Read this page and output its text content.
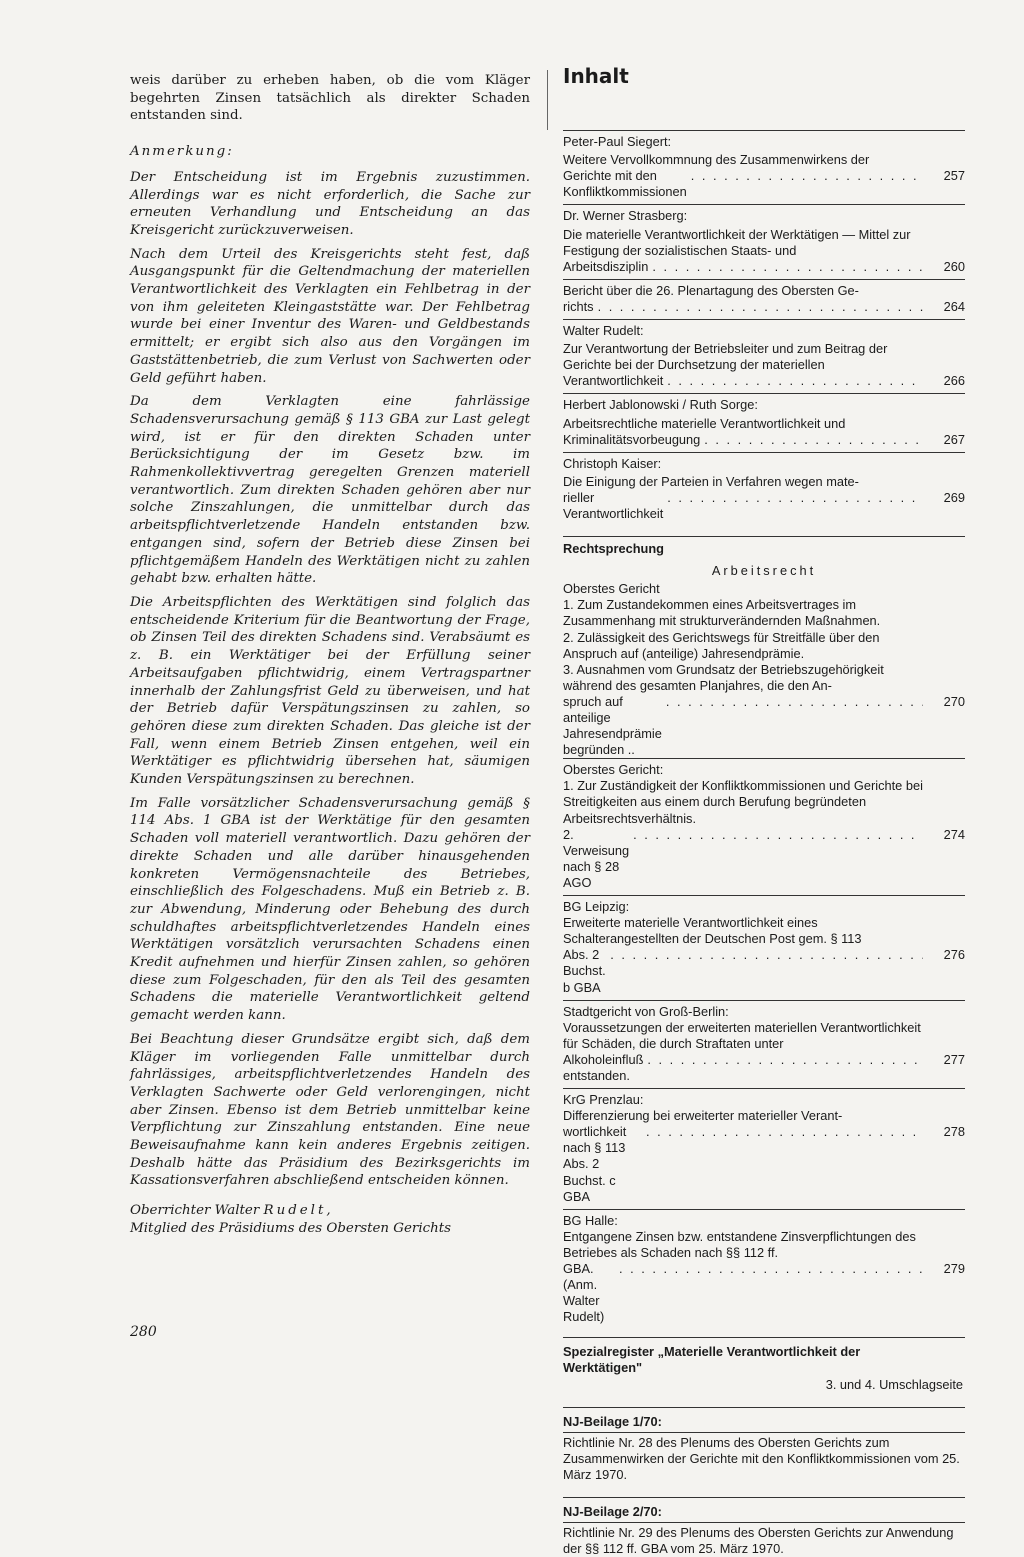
weis darüber zu erheben haben, ob die vom Kläger begehrten Zinsen tatsächlich als direkter Schaden entstanden sind.

Anmerkung:

Der Entscheidung ist im Ergebnis zuzustimmen. Allerdings war es nicht erforderlich, die Sache zur erneuten Verhandlung und Entscheidung an das Kreisgericht zurückzuverweisen.

Nach dem Urteil des Kreisgerichts steht fest, daß Ausgangspunkt für die Geltendmachung der materiellen Verantwortlichkeit des Verklagten ein Fehlbetrag in der von ihm geleiteten Kleingaststätte war. Der Fehlbetrag wurde bei einer Inventur des Waren- und Geldbestands ermittelt; er ergibt sich also aus den Vorgängen im Gaststättenbetrieb, die zum Verlust von Sachwerten oder Geld geführt haben.

Da dem Verklagten eine fahrlässige Schadensverursachung gemäß § 113 GBA zur Last gelegt wird, ist er für den direkten Schaden unter Berücksichtigung der im Gesetz bzw. im Rahmenkollektivvertrag geregelten Grenzen materiell verantwortlich. Zum direkten Schaden gehören aber nur solche Zinszahlungen, die unmittelbar durch das arbeitspflichtverletzende Handeln entstanden bzw. entgangen sind, sofern der Betrieb diese Zinsen bei pflichtgemäßem Handeln des Werktätigen nicht zu zahlen gehabt bzw. erhalten hätte.

Die Arbeitspflichten des Werktätigen sind folglich das entscheidende Kriterium für die Beantwortung der Frage, ob Zinsen Teil des direkten Schadens sind. Verabsäumt es z. B. ein Werktätiger bei der Erfüllung seiner Arbeitsaufgaben pflichtwidrig, einem Vertragspartner innerhalb der Zahlungsfrist Geld zu überweisen, und hat der Betrieb dafür Verspätungszinsen zu zahlen, so gehören diese zum direkten Schaden. Das gleiche ist der Fall, wenn einem Betrieb Zinsen entgehen, weil ein Werktätiger es pflichtwidrig übersehen hat, säumigen Kunden Verspätungszinsen zu berechnen.

Im Falle vorsätzlicher Schadensverursachung gemäß § 114 Abs. 1 GBA ist der Werktätige für den gesamten Schaden voll materiell verantwortlich. Dazu gehören der direkte Schaden und alle darüber hinausgehenden konkreten Vermögensnachteile des Betriebes, einschließlich des Folgeschadens. Muß ein Betrieb z. B. zur Abwendung, Minderung oder Behebung des durch schuldhaftes arbeitspflichtverletzendes Handeln eines Werktätigen vorsätzlich verursachten Schadens einen Kredit aufnehmen und hierfür Zinsen zahlen, so gehören diese zum Folgeschaden, für den als Teil des gesamten Schadens die materielle Verantwortlichkeit geltend gemacht werden kann.

Bei Beachtung dieser Grundsätze ergibt sich, daß dem Kläger im vorliegenden Falle unmittelbar durch fahrlässiges, arbeitspflichtverletzendes Handeln des Verklagten Sachwerte oder Geld verlorengingen, nicht aber Zinsen. Ebenso ist dem Betrieb unmittelbar keine Verpflichtung zur Zinszahlung entstanden. Eine neue Beweisaufnahme kann kein anderes Ergebnis zeitigen. Deshalb hätte das Präsidium des Bezirksgerichts im Kassationsverfahren abschließend entscheiden können.

Oberrichter Walter Rudelt,
Mitglied des Präsidiums des Obersten Gerichts
280
Inhalt
Peter-Paul Siegert:
Weitere Vervollkommnung des Zusammenwirkens der
Gerichte mit den Konfliktkommissionen
. . .
257
Dr. Werner Strasberg:
Die materielle Verantwortlichkeit der Werktätigen — Mittel zur Festigung der sozialistischen Staats- und
Arbeitsdisziplin . . .	260
Bericht über die 26. Plenartagung des Obersten Ge-
richts . . .	264
Walter Rudelt:
Zur Verantwortung der Betriebsleiter und zum Beitrag der Gerichte bei der Durchsetzung der materiellen
Verantwortlichkeit . . .	266
Herbert Jablonowski / Ruth Sorge:
Arbeitsrechtliche materielle Verantwortlichkeit und
Kriminalitätsvorbeugung . . .	267
Christoph Kaiser:
Die Einigung der Parteien in Verfahren wegen mate-
rieller Verantwortlichkeit
. . .
269
Rechtsprechung
Arbeitsrecht
Oberstes Gericht
1. Zum Zustandekommen eines Arbeitsvertrages im Zusammenhang mit strukturverändernden Maßnahmen.
2. Zulässigkeit des Gerichtswegs für Streitfälle über den Anspruch auf (anteilige) Jahresendprämie.
3. Ausnahmen vom Grundsatz der Betriebszugehörigkeit während des gesamten Planjahres, die den An-
spruch auf anteilige Jahresendprämie begründen ..
. . .
270
Oberstes Gericht:
1. Zur Zuständigkeit der Konfliktkommissionen und Gerichte bei Streitigkeiten aus einem durch Berufung begründeten Arbeitsrechtsverhältnis.
2. Verweisung nach § 28 AGO
. . .
274
BG Leipzig:
Erweiterte materielle Verantwortlichkeit eines Schalterangestellten der Deutschen Post gem. § 113
Abs. 2 Buchst. b GBA
. . .
276
Stadtgericht von Groß-Berlin:
Voraussetzungen der erweiterten materiellen Verantwortlichkeit für Schäden, die durch Straftaten unter
Alkoholeinfluß entstanden.
. . .
277
KrG Prenzlau:
Differenzierung bei erweiterter materieller Verant-
wortlichkeit nach § 113 Abs. 2 Buchst. c GBA
. . .
278
BG Halle:
Entgangene Zinsen bzw. entstandene Zinsverpflichtungen des Betriebes als Schaden nach §§ 112 ff.
GBA. (Anm. Walter Rudelt)
. . .
279
Spezialregister „Materielle Verantwortlichkeit der Werktätigen"
3. und 4. Umschlagseite
NJ-Beilage 1/70:
Richtlinie Nr. 28 des Plenums des Obersten Gerichts zum Zusammenwirken der Gerichte mit den Konfliktkommissionen vom 25. März 1970.
NJ-Beilage 2/70:
Richtlinie Nr. 29 des Plenums des Obersten Gerichts zur Anwendung der §§ 112 ff. GBA vom 25. März 1970.
